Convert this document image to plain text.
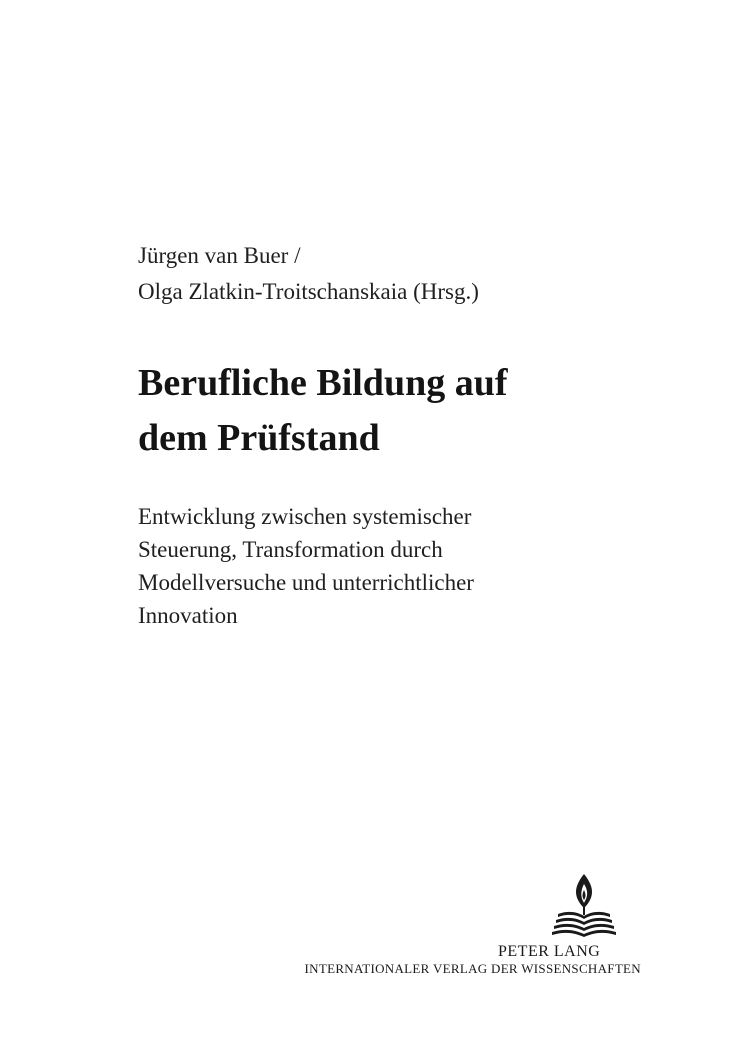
Jürgen van Buer /
Olga Zlatkin-Troitschanskaia (Hrsg.)
Berufliche Bildung auf
dem Prüfstand
Entwicklung zwischen systemischer
Steuerung, Transformation durch
Modellversuche und unterrichtlicher
Innovation
PETER LANG
INTERNATIONALER VERLAG DER WISSENSCHAFTEN
